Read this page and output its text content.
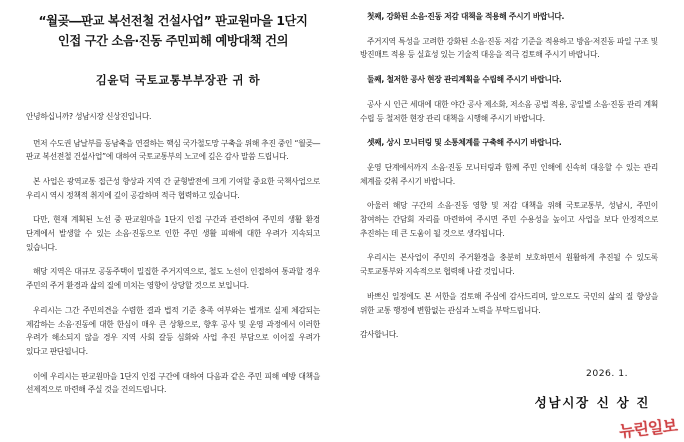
“월곶―판교 복선전철 건설사업” 판교원마을 1단지 인접 구간 소음·진동 주민피해 예방대책 건의
김윤덕 국토교통부부장관 귀 하
안녕하십니까? 성남시장 신상진입니다.
먼저 수도권 남날부를 동남축을 연결하는 핵심 국가철도망 구축을 위해 추진 중인 “월곶―판교 복선전철 건설사업”에 대하여 국토교통부의 노고에 깊은 감사 말씀 드립니다.
본 사업은 광역교통 접근성 향상과 지역 간 균형발전에 크게 기여할 중요한 국책사업으로 우리시 역시 정책적 취지에 깊이 공감하며 적극 협력하고 있습니다.
다만, 현재 계획된 노선 중 판교원마을 1단지 인접 구간과 관련하여 주민의 생활 환경 단계에서 발생할 수 있는 소음·진동으로 인한 주민 생활 피해에 대한 우려가 지속되고 있습니다.
해당 지역은 대규모 공동주택이 밀집한 주거지역으로, 철도 노선이 인접하여 통과할 경우 주민의 주거 환경과 삶의 질에 미치는 영향이 상당할 것으로 보입니다.
우리시는 그간 주민의견을 수렴한 결과 법적 기준 충족 여부와는 별개로 실제 체감되는 제감하는 소음·진동에 대한 한심이 매우 큰 상황으로, 향후 공사 및 운영 과정에서 이러한 우려가 해소되지 않을 경우 지역 사회 갈등 심화와 사업 추진 부담으로 이어질 우려가 있다고 판단됩니다.
이에 우리시는 판교원마을 1단지 인접 구간에 대하여 다음과 같은 주민 피해 예방 대책을 선제적으로 마련해 주실 것을 건의드립니다.
첫째, 강화된 소음·진동 저감 대책을 적용해 주시기 바랍니다.
주거지역 특성을 고려한 강화된 소음·진동 저감 기준을 적용하고 방음·저진동 파일 구조 및 방진매트 적용 등 실효성 있는 기술적 대응을 적극 검토해 주시기 바랍니다.
둘째, 철저한 공사 현장 관리계획을 수립해 주시기 바랍니다.
공사 시 인근 세대에 대한 야간 공사 제소화, 저소음 공법 적용, 공일별 소음·진동 관리 계획 수립 등 철저한 현장 관리 대책을 시행해 주시기 바랍니다.
셋째, 상시 모니터링 및 소통체계를 구축해 주시기 바랍니다.
운영 단계에서까지 소음·진동 모니터링과 함께 주민 인해에 신속히 대응할 수 있는 관리 체계를 갖춰 주시기 바랍니다.
아울러 해당 구간의 소음·진동 영향 및 저감 대책을 위해 국토교통부, 성남시, 주민이 참여하는 간담회 자리를 마련하여 주시면 주민 수용성을 높이고 사업을 보다 안정적으로 추진하는 데 큰 도움이 될 것으로 생각됩니다.
우리시는 본사업이 주민의 주거환경을 충분히 보호하면서 원활하게 추진될 수 있도록 국토교통부와 지속적으로 협력해 나갈 것입니다.
바쁘신 일정에도 본 서한을 검토해 주심에 감사드리며, 앞으로도 국민의 삶의 질 향상을 위한 교통 행정에 변함없는 관심과 노력을 부탁드립니다.
감사합니다.
2026. 1.
성남시장 신 상 진
뉴린일보
